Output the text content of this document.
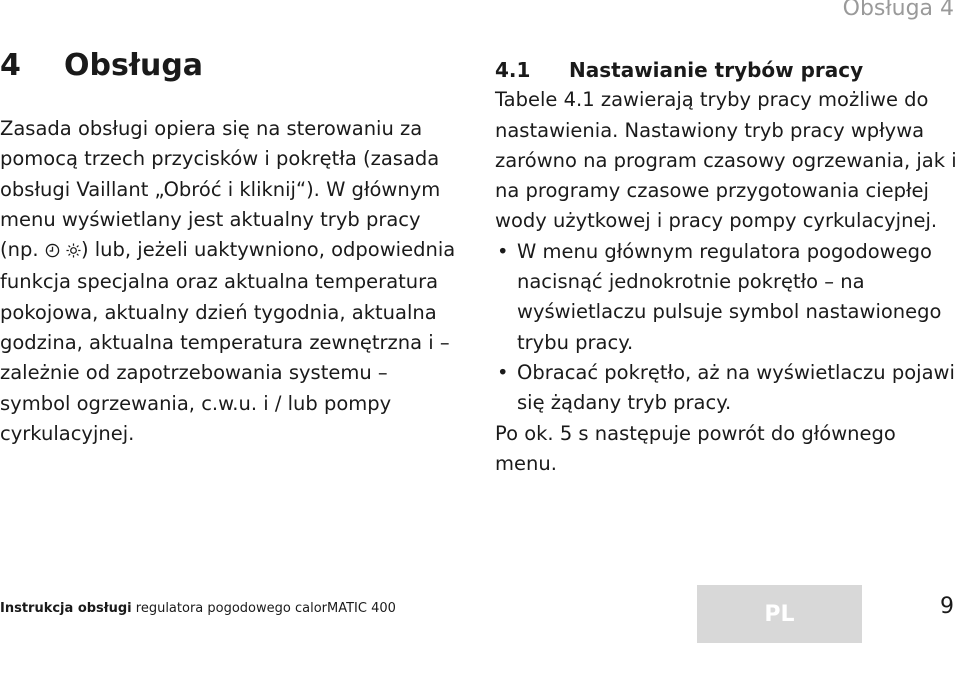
Obsługa 4
4 Obsługa

Zasada obsługi opiera się na sterowaniu za pomocą trzech przycisków i pokrętła (zasada obsługi Vaillant „Obróć i kliknij“). W głównym menu wyświetlany jest aktualny tryb pracy (np. ) lub, jeżeli uaktywniono, odpowiednia funkcja specjalna oraz aktualna temperatura pokojowa, aktualny dzień tygodnia, aktualna godzina, aktualna temperatura zewnętrzna i – zależnie od zapotrzebowania systemu – symbol ogrzewania, c.w.u. i / lub pompy cyrkulacyjnej.

4.1 Nastawianie trybów pracy

Tabele 4.1 zawierają tryby pracy możliwe do nastawienia. Nastawiony tryb pracy wpływa zarówno na program czasowy ogrzewania, jak i na programy czasowe przygotowania ciepłej wody użytkowej i pracy pompy cyrkulacyjnej.

• W menu głównym regulatora pogodowego nacisnąć jednokrotnie pokrętło – na wyświetlaczu pulsuje symbol nastawionego trybu pracy.
• Obracać pokrętło, aż na wyświetlaczu pojawi się żądany tryb pracy.

Po ok. 5 s następuje powrót do głównego menu.

Instrukcja obsługi regulatora pogodowego calorMATIC 400	PL	9
